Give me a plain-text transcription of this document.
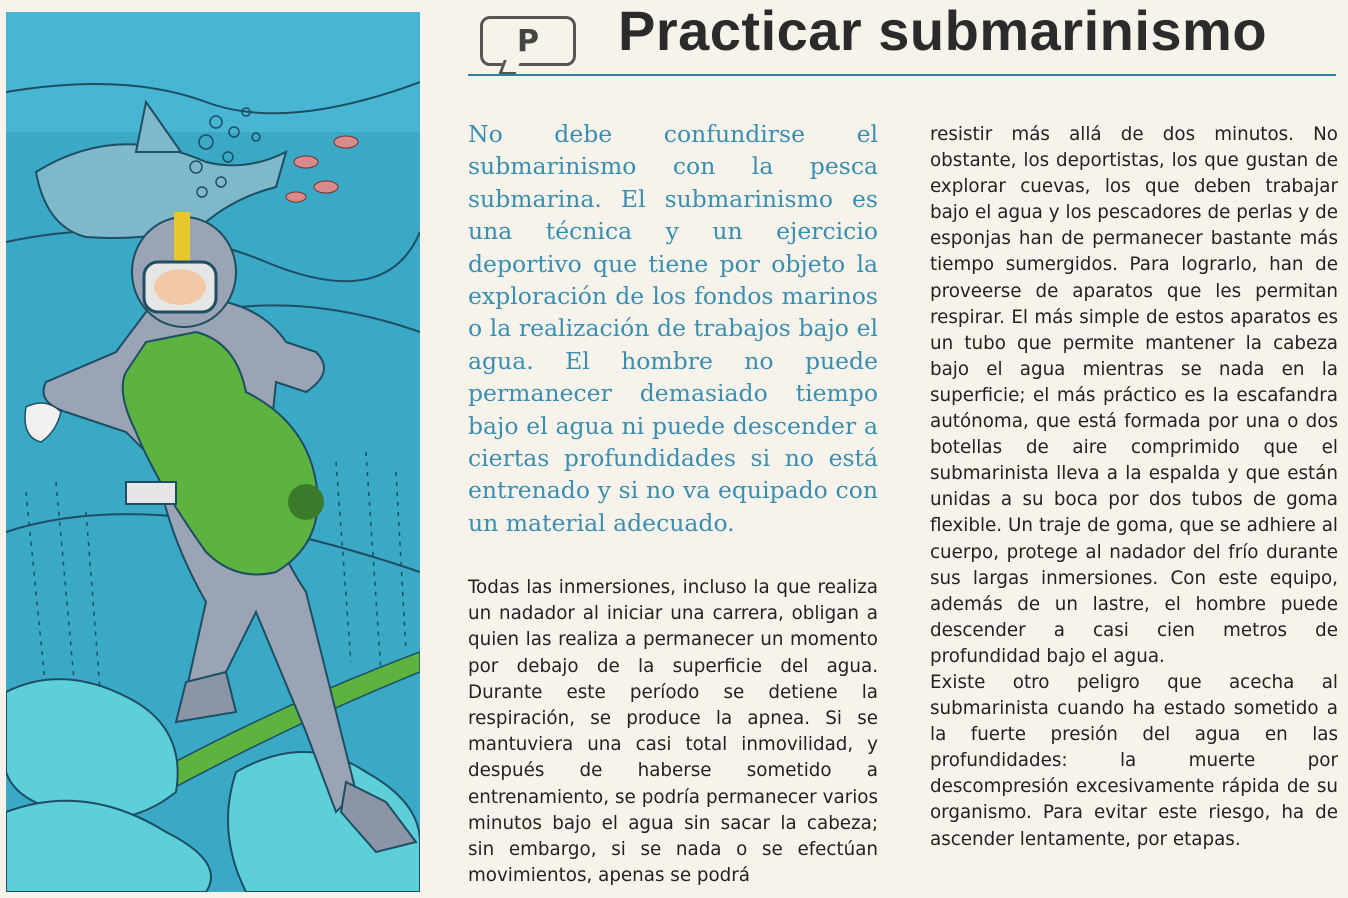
P Practicar submarinismo

No debe confundirse el submarinismo con la pesca submarina. El submarinismo es una técnica y un ejercicio deportivo que tiene por objeto la exploración de los fondos marinos o la realización de trabajos bajo el agua. El hombre no puede permanecer demasiado tiempo bajo el agua ni puede descender a ciertas profundidades si no está entrenado y si no va equipado con un material adecuado.

Todas las inmersiones, incluso la que realiza un nadador al iniciar una carrera, obligan a quien las realiza a permanecer un momento por debajo de la superficie del agua. Durante este período se detiene la respiración, se produce la apnea. Si se mantuviera una casi total inmovilidad, y después de haberse sometido a entrenamiento, se podría permanecer varios minutos bajo el agua sin sacar la cabeza; sin embargo, si se nada o se efectúan movimientos, apenas se podrá

resistir más allá de dos minutos. No obstante, los deportistas, los que gustan de explorar cuevas, los que deben trabajar bajo el agua y los pescadores de perlas y de esponjas han de permanecer bastante más tiempo sumergidos. Para lograrlo, han de proveerse de aparatos que les permitan respirar. El más simple de estos aparatos es un tubo que permite mantener la cabeza bajo el agua mientras se nada en la superficie; el más práctico es la escafandra autónoma, que está formada por una o dos botellas de aire comprimido que el submarinista lleva a la espalda y que están unidas a su boca por dos tubos de goma flexible. Un traje de goma, que se adhiere al cuerpo, protege al nadador del frío durante sus largas inmersiones. Con este equipo, además de un lastre, el hombre puede descender a casi cien metros de profundidad bajo el agua.

Existe otro peligro que acecha al submarinista cuando ha estado sometido a la fuerte presión del agua en las profundidades: la muerte por descompresión excesivamente rápida de su organismo. Para evitar este riesgo, ha de ascender lentamente, por etapas.
